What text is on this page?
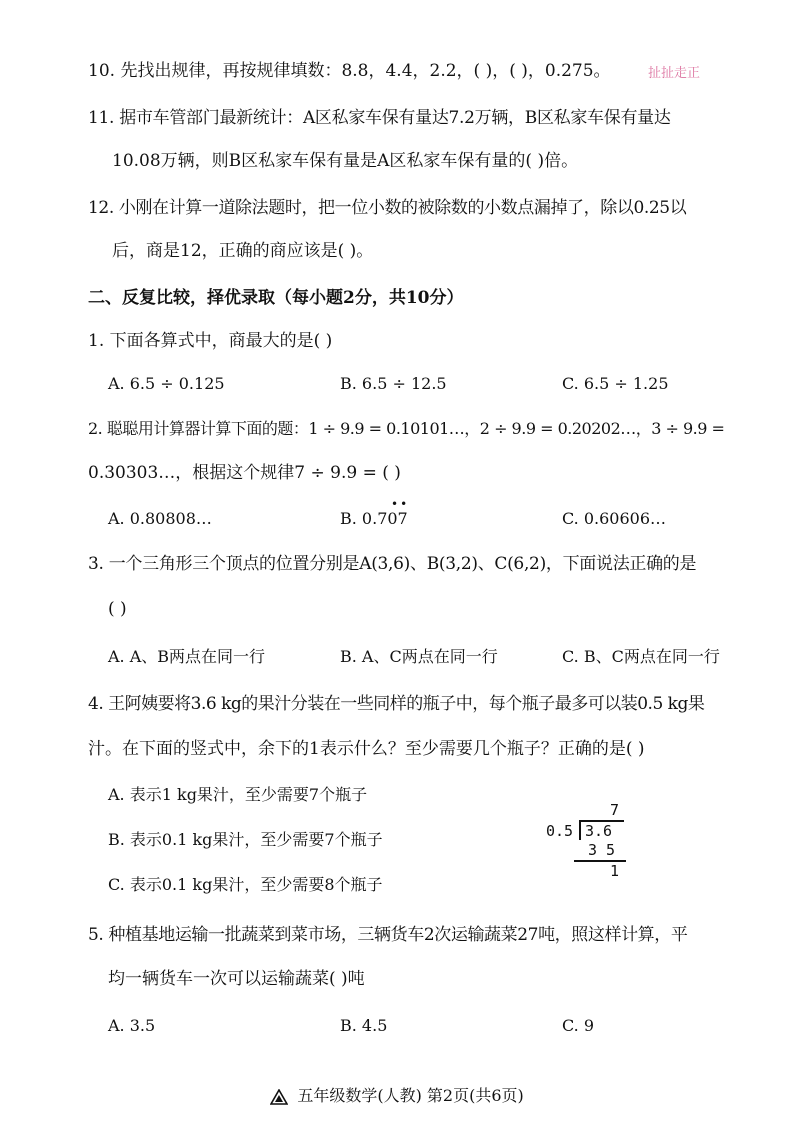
10. 先找出规律，再按规律填数：8.8，4.4，2.2，( )，( )，0.275。	扯扯走正
11. 据市车管部门最新统计：A区私家车保有量达7.2万辆，B区私家车保有量达
10.08万辆，则B区私家车保有量是A区私家车保有量的( )倍。
12. 小刚在计算一道除法题时，把一位小数的被除数的小数点漏掉了，除以0.25以
后，商是12，正确的商应该是( )。
二、反复比较，择优录取（每小题2分，共10分）
1. 下面各算式中，商最大的是( )
A. 6.5 ÷ 0.125	B. 6.5 ÷ 12.5	C. 6.5 ÷ 1.25
2. 聪聪用计算器计算下面的题：1 ÷ 9.9 = 0.10101…，2 ÷ 9.9 = 0.20202…，3 ÷ 9.9 =
0.30303…，根据这个规律7 ÷ 9.9 = ( )
A. 0.80808…	B. 0.707
••
C. 0.60606…
3. 一个三角形三个顶点的位置分别是A(3,6)、B(3,2)、C(6,2)，下面说法正确的是
( )
A. A、B两点在同一行	B. A、C两点在同一行	C. B、C两点在同一行
4. 王阿姨要将3.6 kg的果汁分装在一些同样的瓶子中，每个瓶子最多可以装0.5 kg果
汁。在下面的竖式中，余下的1表示什么？至少需要几个瓶子？正确的是( )
A. 表示1 kg果汁，至少需要7个瓶子
B. 表示0.1 kg果汁，至少需要7个瓶子
C. 表示0.1 kg果汁，至少需要8个瓶子
7
0.5 3.6
3 5
1
5. 种植基地运输一批蔬菜到菜市场，三辆货车2次运输蔬菜27吨，照这样计算，平
均一辆货车一次可以运输蔬菜( )吨
A. 3.5	B. 4.5	C. 9
五年级数学(人教) 第2页(共6页)
